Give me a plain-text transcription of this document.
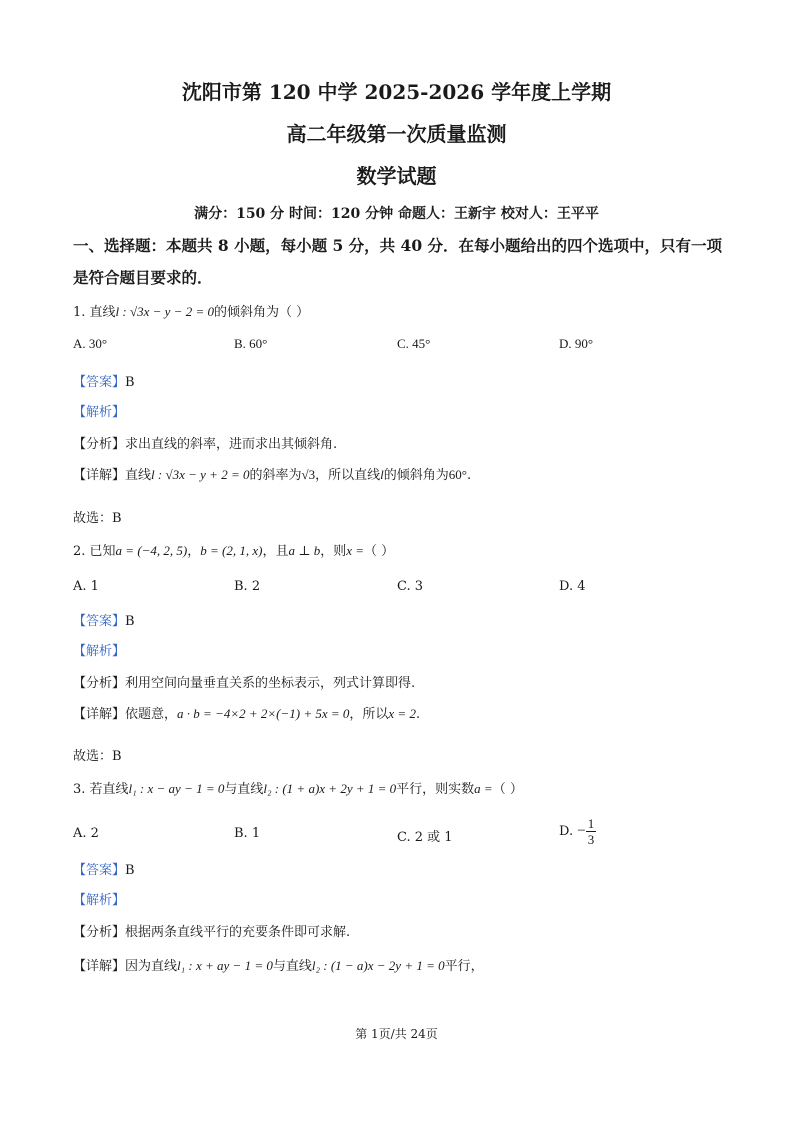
沈阳市第 120 中学 2025-2026 学年度上学期
高二年级第一次质量监测
数学试题
满分：150 分 时间：120 分钟 命题人：王新宇 校对人：王平平
一、选择题：本题共 8 小题，每小题 5 分，共 40 分．在每小题给出的四个选项中，只有一项
是符合题目要求的．
1. 直线l : √3x − y − 2 = 0的倾斜角为（ ）
A. 30°	B. 60°	C. 45°	D. 90°
【答案】B
【解析】
【分析】求出直线的斜率，进而求出其倾斜角.
【详解】直线l : √3x − y + 2 = 0的斜率为√3，所以直线l的倾斜角为60°.
故选：B
2. 已知a = (−4, 2, 5)，b = (2, 1, x)，且a ⊥ b，则x =（ ）
A. 1	B. 2	C. 3	D. 4
【答案】B
【解析】
【分析】利用空间向量垂直关系的坐标表示，列式计算即得.
【详解】依题意，a · b = −4×2 + 2×(−1) + 5x = 0，所以x = 2.
故选：B
3. 若直线l₁ : x − ay − 1 = 0与直线l₂ : (1 + a)x + 2y + 1 = 0平行，则实数a =（ ）
A. 2	B. 1	C. 2 或 1	D. − $\frac{1}{3}$
【答案】B
【解析】
【分析】根据两条直线平行的充要条件即可求解.
【详解】因为直线l₁ : x + ay − 1 = 0与直线l₂ : (1 − a)x − 2y + 1 = 0平行，
第 1页/共 24页
